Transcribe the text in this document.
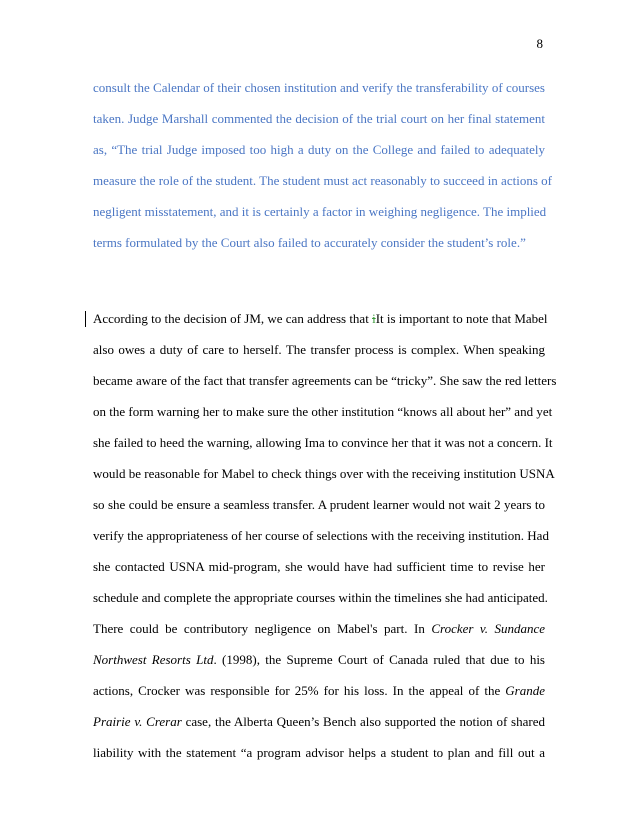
8
consult the Calendar of their chosen institution and verify the transferability of courses
taken. Judge Marshall commented the decision of the trial court on her final statement
as, “The trial Judge imposed too high a duty on the College and failed to adequately
measure the role of the student. The student must act reasonably to succeed in actions of
negligent misstatement, and it is certainly a factor in weighing negligence. The implied
terms formulated by the Court also failed to accurately consider the student’s role.”
According to the decision of JM, we can address that iIt is important to note that Mabel
also owes a duty of care to herself. The transfer process is complex. When speaking
became aware of the fact that transfer agreements can be “tricky”. She saw the red letters
on the form warning her to make sure the other institution “knows all about her” and yet
she failed to heed the warning, allowing Ima to convince her that it was not a concern. It
would be reasonable for Mabel to check things over with the receiving institution USNA
so she could be ensure a seamless transfer. A prudent learner would not wait 2 years to
verify the appropriateness of her course of selections with the receiving institution. Had
she contacted USNA mid-program, she would have had sufficient time to revise her
schedule and complete the appropriate courses within the timelines she had anticipated.
There could be contributory negligence on Mabel's part. In Crocker v. Sundance
Northwest Resorts Ltd. (1998), the Supreme Court of Canada ruled that due to his
actions, Crocker was responsible for 25% for his loss. In the appeal of the Grande
Prairie v. Crerar case, the Alberta Queen’s Bench also supported the notion of shared
liability with the statement “a program advisor helps a student to plan and fill out a
